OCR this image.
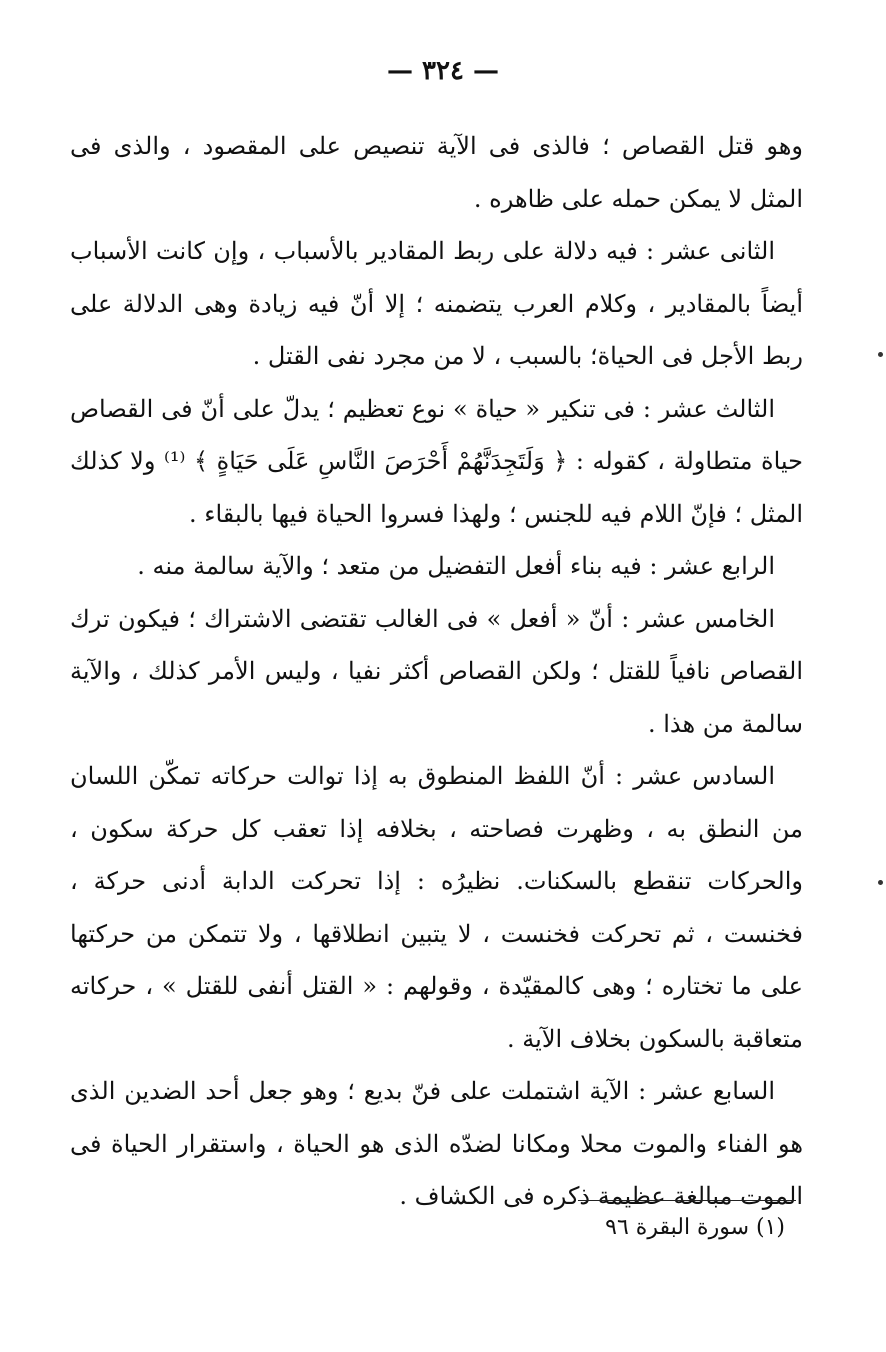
— ٣٢٤ —

وهو قتل القصاص ؛ فالذى فى الآية تنصيص على المقصود ، والذى فى المثل لا يمكن حمله على ظاهره .

الثانى عشر : فيه دلالة على ربط المقادير بالأسباب ، وإن كانت الأسباب أيضاً بالمقادير ، وكلام العرب يتضمنه ؛ إلا أنّ فيه زيادة وهى الدلالة على ربط الأجل فى الحياة؛ بالسبب ، لا من مجرد نفى القتل .

الثالث عشر : فى تنكير « حياة » نوع تعظيم ؛ يدلّ على أنّ فى القصاص حياة متطاولة ، كقوله : ﴿ وَلَتَجِدَنَّهُمْ أَحْرَصَ النَّاسِ عَلَى حَيَاةٍ ﴾ ⁽¹⁾ ولا كذلك المثل ؛ فإنّ اللام فيه للجنس ؛ ولهذا فسروا الحياة فيها بالبقاء .

الرابع عشر : فيه بناء أفعل التفضيل من متعد ؛ والآية سالمة منه .

الخامس عشر : أنّ « أفعل » فى الغالب تقتضى الاشتراك ؛ فيكون ترك القصاص نافياً للقتل ؛ ولكن القصاص أكثر نفيا ، وليس الأمر كذلك ، والآية سالمة من هذا .

السادس عشر : أنّ اللفظ المنطوق به إذا توالت حركاته تمكّن اللسان من النطق به ، وظهرت فصاحته ، بخلافه إذا تعقب كل حركة سكون ، والحركات تنقطع بالسكنات. نظيرُه : إذا تحركت الدابة أدنى حركة ، فخنست ، ثم تحركت فخنست ، لا يتبين انطلاقها ، ولا تتمكن من حركتها على ما تختاره ؛ وهى كالمقيّدة ، وقولهم : « القتل أنفى للقتل » ، حركاته متعاقبة بالسكون بخلاف الآية .

السابع عشر : الآية اشتملت على فنّ بديع ؛ وهو جعل أحد الضدين الذى هو الفناء والموت محلا ومكانا لضدّه الذى هو الحياة ، واستقرار الحياة فى الموت مبالغة عظيمة ذكره فى الكشاف .

(١) سورة البقرة ٩٦
